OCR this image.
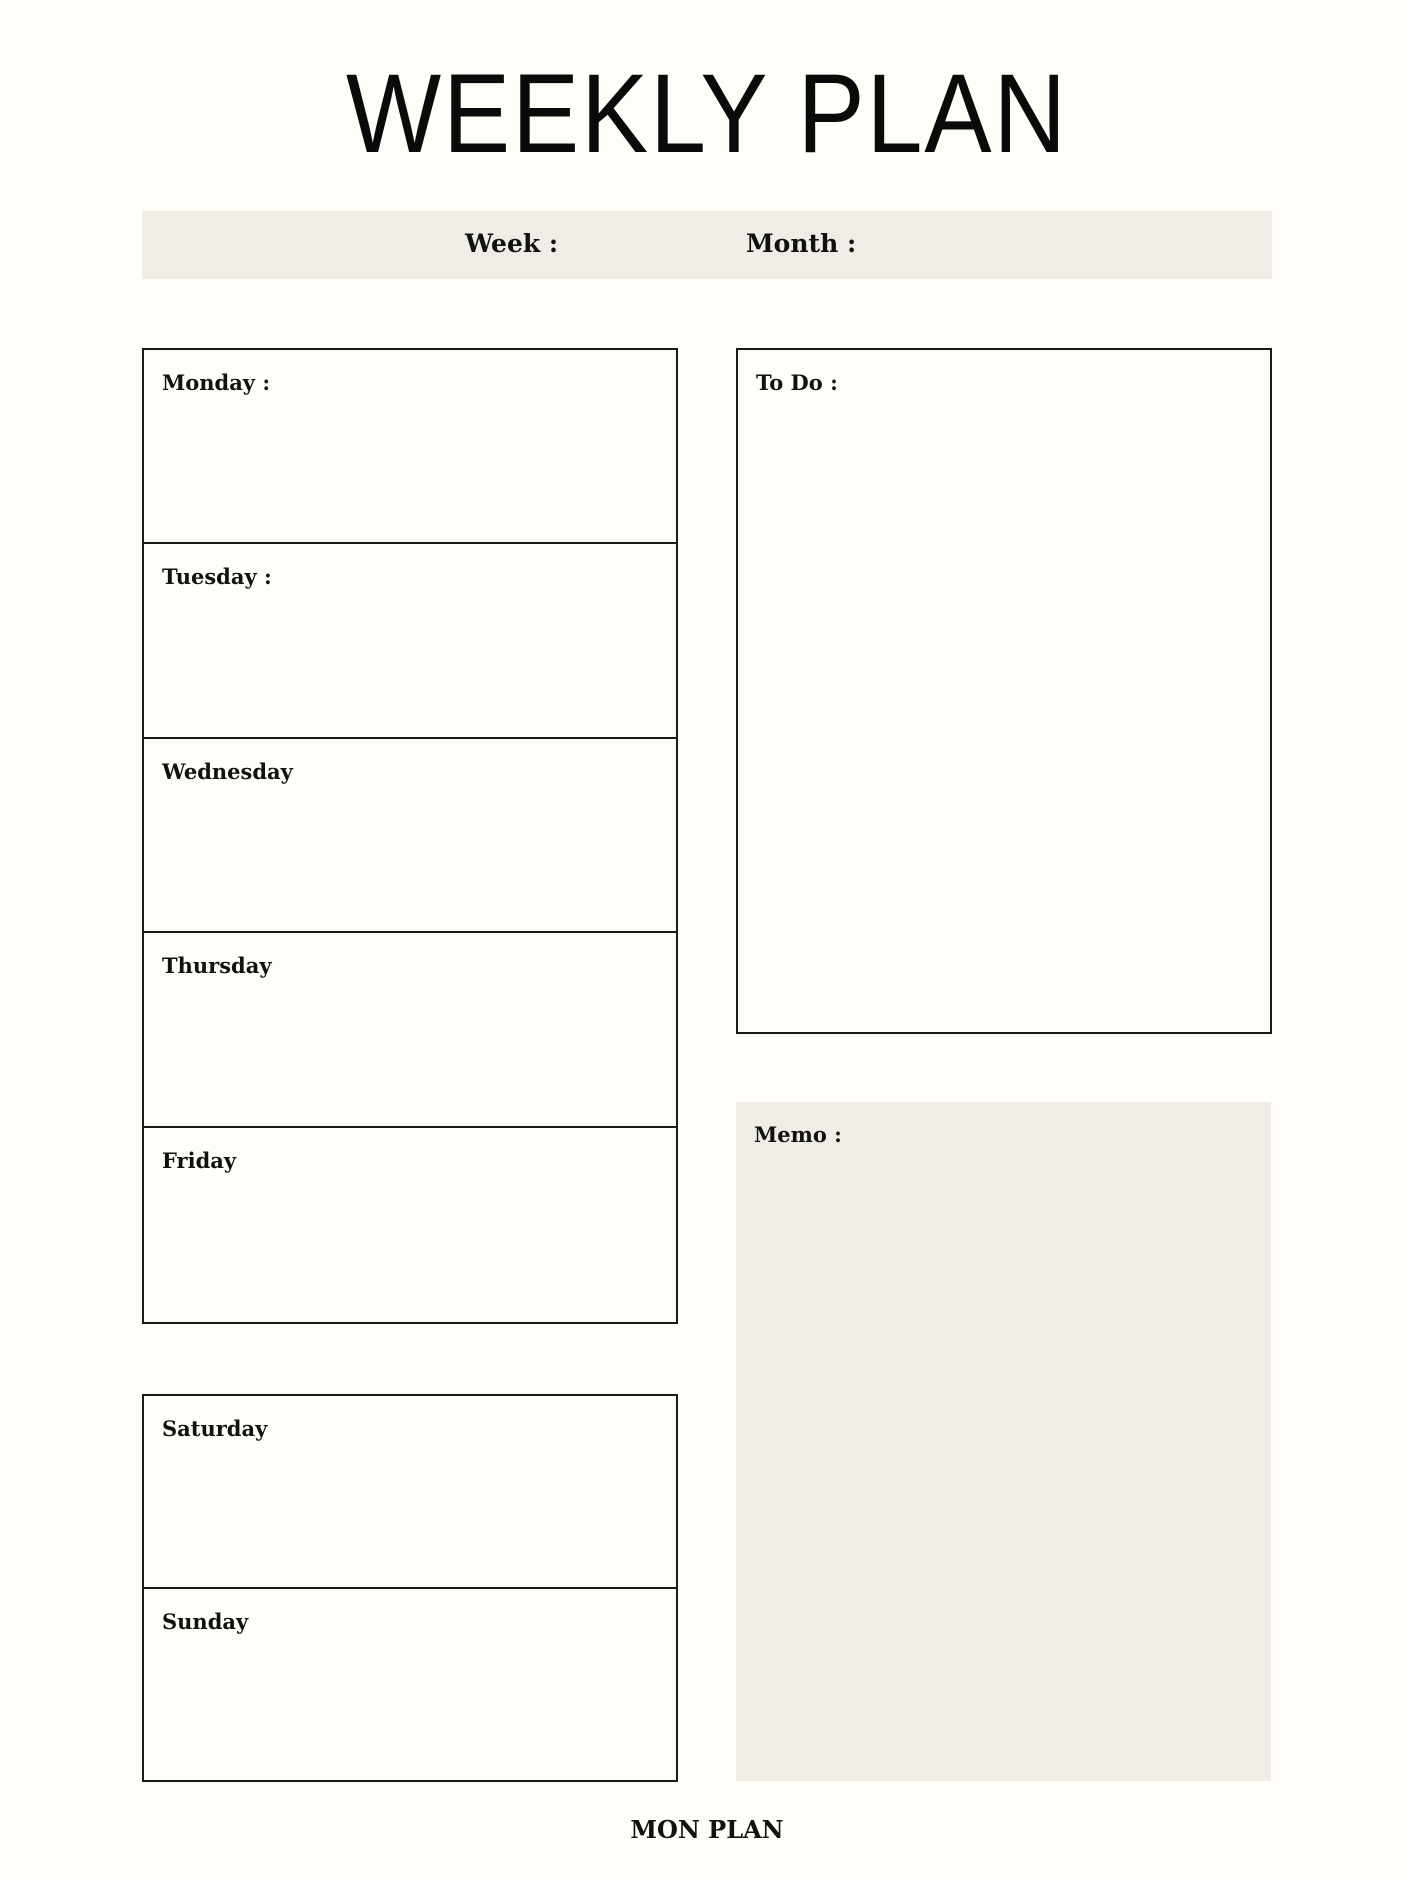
WEEKLY PLAN
Week :	Month :
Monday :
Tuesday :
Wednesday
Thursday
Friday
Saturday
Sunday
To Do :
Memo :
MON PLAN
